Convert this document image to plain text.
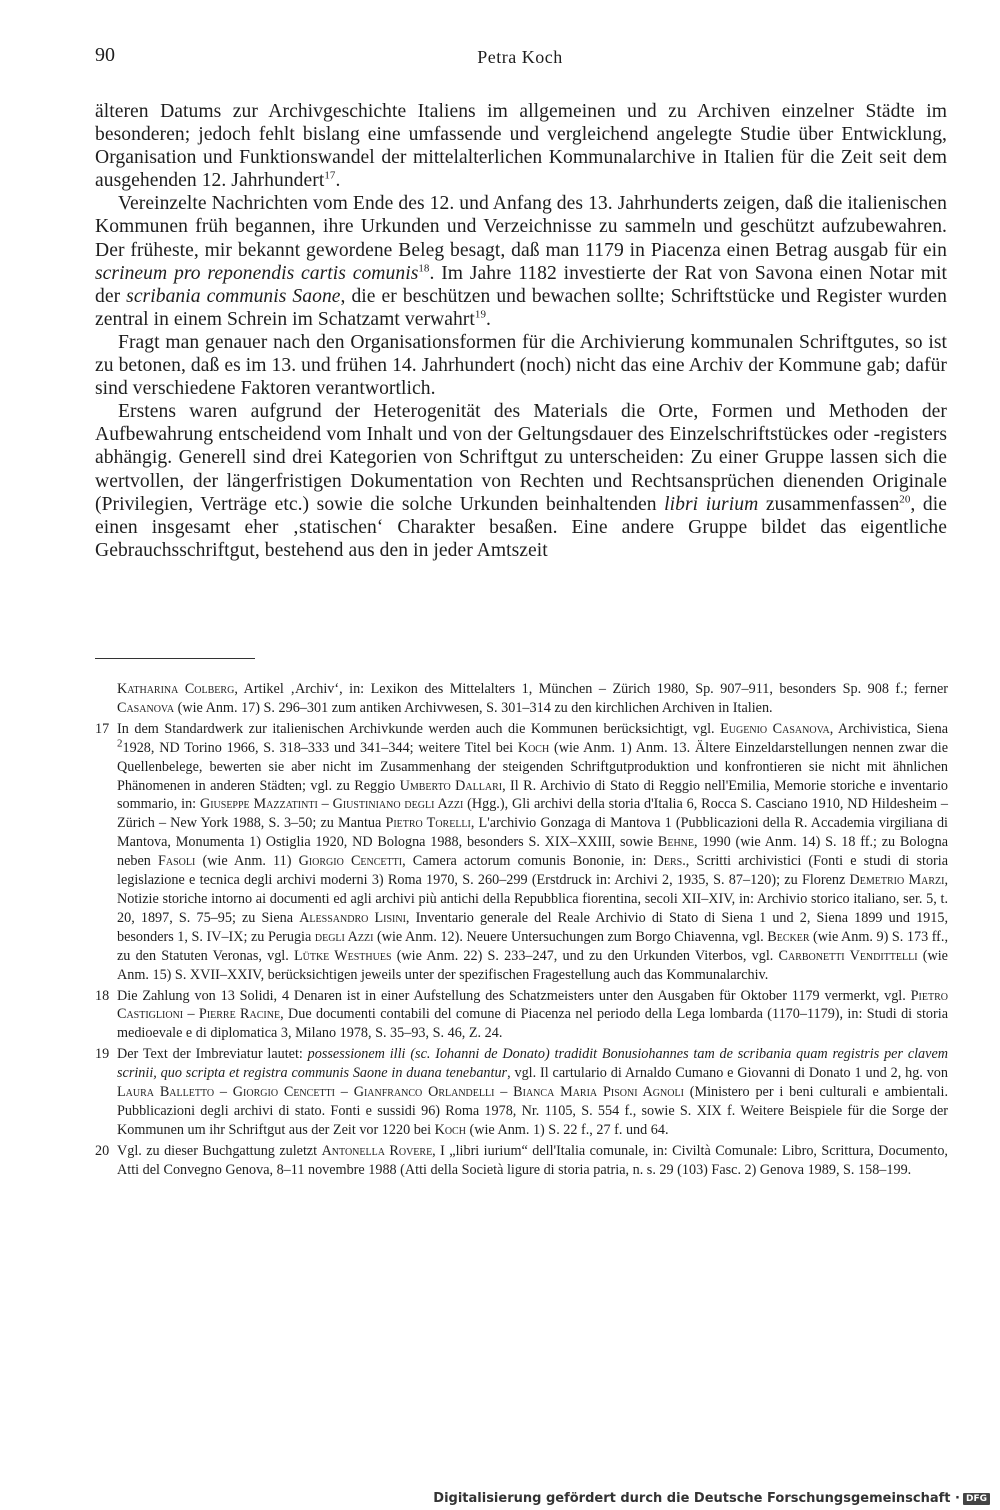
90	Petra Koch

älteren Datums zur Archivgeschichte Italiens im allgemeinen und zu Archiven einzelner Städte im besonderen; jedoch fehlt bislang eine umfassende und vergleichend angelegte Studie über Entwicklung, Organisation und Funktionswandel der mittelalterlichen Kommunalarchive in Italien für die Zeit seit dem ausgehenden 12. Jahrhundert$^{17}$.

Vereinzelte Nachrichten vom Ende des 12. und Anfang des 13. Jahrhunderts zeigen, daß die italienischen Kommunen früh begannen, ihre Urkunden und Verzeichnisse zu sammeln und geschützt aufzubewahren. Der früheste, mir bekannt gewordene Beleg besagt, daß man 1179 in Piacenza einen Betrag ausgab für ein scrineum pro reponendis cartis comunis$^{18}$. Im Jahre 1182 investierte der Rat von Savona einen Notar mit der scribania communis Saone, die er beschützen und bewachen sollte; Schriftstücke und Register wurden zentral in einem Schrein im Schatzamt verwahrt$^{19}$.

Fragt man genauer nach den Organisationsformen für die Archivierung kommunalen Schriftgutes, so ist zu betonen, daß es im 13. und frühen 14. Jahrhundert (noch) nicht das eine Archiv der Kommune gab; dafür sind verschiedene Faktoren verantwortlich.

Erstens waren aufgrund der Heterogenität des Materials die Orte, Formen und Methoden der Aufbewahrung entscheidend vom Inhalt und von der Geltungsdauer des Einzelschriftstückes oder -registers abhängig. Generell sind drei Kategorien von Schriftgut zu unterscheiden: Zu einer Gruppe lassen sich die wertvollen, der längerfristigen Dokumentation von Rechten und Rechtsansprüchen dienenden Originale (Privilegien, Verträge etc.) sowie die solche Urkunden beinhaltenden libri iurium zusammenfassen$^{20}$, die einen insgesamt eher ‚statischen‘ Charakter besaßen. Eine andere Gruppe bildet das eigentliche Gebrauchsschriftgut, bestehend aus den in jeder Amtszeit

Katharina Colberg, Artikel ‚Archiv‘, in: Lexikon des Mittelalters 1, München – Zürich 1980, Sp. 907–911, besonders Sp. 908 f.; ferner Casanova (wie Anm. 17) S. 296–301 zum antiken Archivwesen, S. 301–314 zu den kirchlichen Archiven in Italien.
17 In dem Standardwerk zur italienischen Archivkunde werden auch die Kommunen berücksichtigt, vgl. Eugenio Casanova, Archivistica, Siena $^2$1928, ND Torino 1966, S. 318–333 und 341–344; weitere Titel bei Koch (wie Anm. 1) Anm. 13. Ältere Einzeldarstellungen nennen zwar die Quellenbelege, bewerten sie aber nicht im Zusammenhang der steigenden Schriftgutproduktion und konfrontieren sie nicht mit ähnlichen Phänomenen in anderen Städten; vgl. zu Reggio Umberto Dallari, Il R. Archivio di Stato di Reggio nell'Emilia, Memorie storiche e inventario sommario, in: Giuseppe Mazzatinti – Giustiniano degli Azzi (Hgg.), Gli archivi della storia d'Italia 6, Rocca S. Casciano 1910, ND Hildesheim – Zürich – New York 1988, S. 3–50; zu Mantua Pietro Torelli, L'archivio Gonzaga di Mantova 1 (Pubblicazioni della R. Accademia virgiliana di Mantova, Monumenta 1) Ostiglia 1920, ND Bologna 1988, besonders S. XIX–XXIII, sowie Behne, 1990 (wie Anm. 14) S. 18 ff.; zu Bologna neben Fasoli (wie Anm. 11) Giorgio Cencetti, Camera actorum comunis Bononie, in: Ders., Scritti archivistici (Fonti e studi di storia legislazione e tecnica degli archivi moderni 3) Roma 1970, S. 260–299 (Erstdruck in: Archivi 2, 1935, S. 87–120); zu Florenz Demetrio Marzi, Notizie storiche intorno ai documenti ed agli archivi più antichi della Repubblica fiorentina, secoli XII–XIV, in: Archivio storico italiano, ser. 5, t. 20, 1897, S. 75–95; zu Siena Alessandro Lisini, Inventario generale del Reale Archivio di Stato di Siena 1 und 2, Siena 1899 und 1915, besonders 1, S. IV–IX; zu Perugia degli Azzi (wie Anm. 12). Neuere Untersuchungen zum Borgo Chiavenna, vgl. Becker (wie Anm. 9) S. 173 ff., zu den Statuten Veronas, vgl. Lütke Westhues (wie Anm. 22) S. 233–247, und zu den Urkunden Viterbos, vgl. Carbonetti Vendittelli (wie Anm. 15) S. XVII–XXIV, berücksichtigen jeweils unter der spezifischen Fragestellung auch das Kommunalarchiv.
18 Die Zahlung von 13 Solidi, 4 Denaren ist in einer Aufstellung des Schatzmeisters unter den Ausgaben für Oktober 1179 vermerkt, vgl. Pietro Castiglioni – Pierre Racine, Due documenti contabili del comune di Piacenza nel periodo della Lega lombarda (1170–1179), in: Studi di storia medioevale e di diplomatica 3, Milano 1978, S. 35–93, S. 46, Z. 24.
19 Der Text der Imbreviatur lautet: possessionem illi (sc. Iohanni de Donato) tradidit Bonusiohannes tam de scribania quam registris per clavem scrinii, quo scripta et registra communis Saone in duana tenebantur, vgl. Il cartulario di Arnaldo Cumano e Giovanni di Donato 1 und 2, hg. von Laura Balletto – Giorgio Cencetti – Gianfranco Orlandelli – Bianca Maria Pisoni Agnoli (Ministero per i beni culturali e ambientali. Pubblicazioni degli archivi di stato. Fonti e sussidi 96) Roma 1978, Nr. 1105, S. 554 f., sowie S. XIX f. Weitere Beispiele für die Sorge der Kommunen um ihr Schriftgut aus der Zeit vor 1220 bei Koch (wie Anm. 1) S. 22 f., 27 f. und 64.
20 Vgl. zu dieser Buchgattung zuletzt Antonella Rovere, I „libri iurium“ dell'Italia comunale, in: Civiltà Comunale: Libro, Scrittura, Documento, Atti del Convegno Genova, 8–11 novembre 1988 (Atti della Società ligure di storia patria, n. s. 29 (103) Fasc. 2) Genova 1989, S. 158–199.
Digitalisierung gefördert durch die Deutsche Forschungsgemeinschaft · DFG
